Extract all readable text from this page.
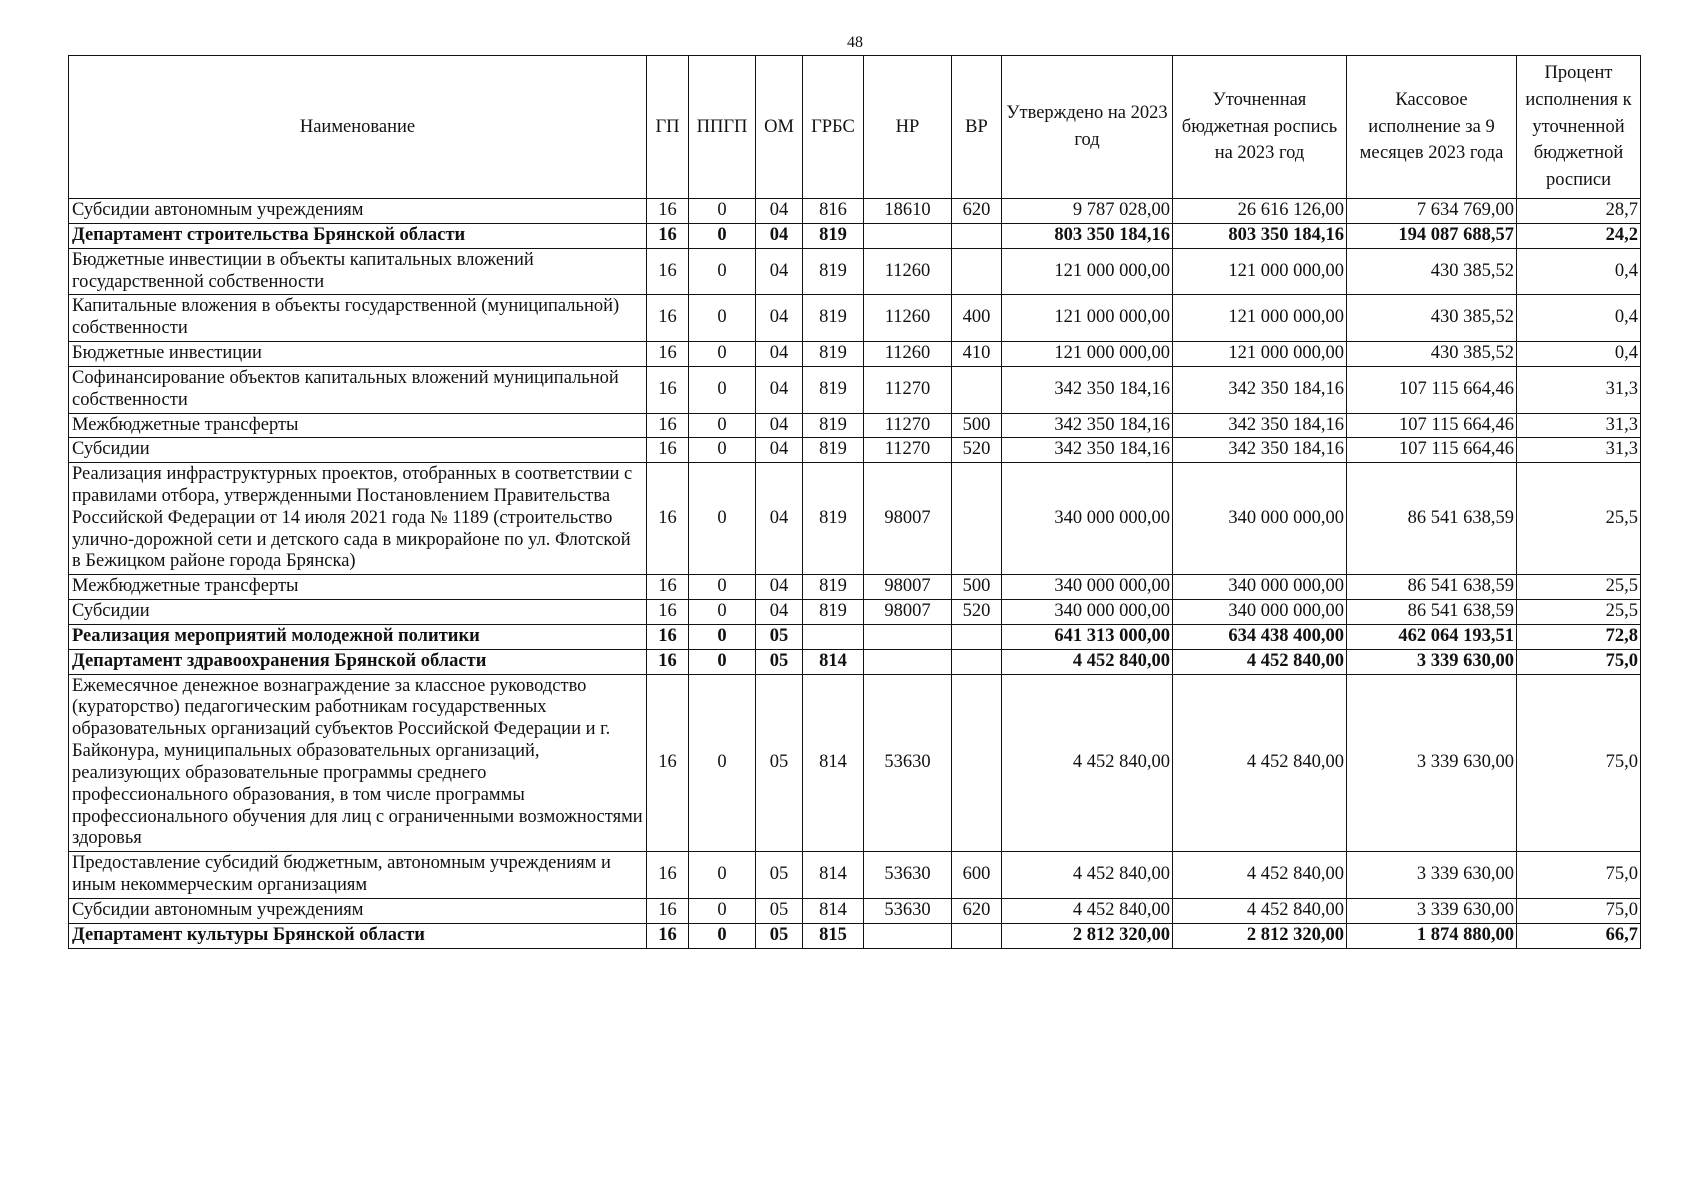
48
Наименование	ГП	ППГП	ОМ	ГРБС	НР	ВР	Утверждено на 2023 год	Уточненная бюджетная роспись на 2023 год	Кассовое исполнение за 9 месяцев 2023 года	Процент исполнения к уточненной бюджетной росписи
Субсидии автономным учреждениям	16	0	04	816	18610	620	9 787 028,00	26 616 126,00	7 634 769,00	28,7
Департамент строительства Брянской области	16	0	04	819			803 350 184,16	803 350 184,16	194 087 688,57	24,2
Бюджетные инвестиции в объекты капитальных вложений государственной собственности	16	0	04	819	11260		121 000 000,00	121 000 000,00	430 385,52	0,4
Капитальные вложения в объекты государственной (муниципальной) собственности	16	0	04	819	11260	400	121 000 000,00	121 000 000,00	430 385,52	0,4
Бюджетные инвестиции	16	0	04	819	11260	410	121 000 000,00	121 000 000,00	430 385,52	0,4
Софинансирование объектов капитальных вложений муниципальной собственности	16	0	04	819	11270		342 350 184,16	342 350 184,16	107 115 664,46	31,3
Межбюджетные трансферты	16	0	04	819	11270	500	342 350 184,16	342 350 184,16	107 115 664,46	31,3
Субсидии	16	0	04	819	11270	520	342 350 184,16	342 350 184,16	107 115 664,46	31,3
Реализация инфраструктурных проектов, отобранных в соответствии с правилами отбора, утвержденными Постановлением Правительства Российской Федерации от 14 июля 2021 года № 1189 (строительство улично-дорожной сети и детского сада в микрорайоне по ул. Флотской в Бежицком районе города Брянска)	16	0	04	819	98007		340 000 000,00	340 000 000,00	86 541 638,59	25,5
Межбюджетные трансферты	16	0	04	819	98007	500	340 000 000,00	340 000 000,00	86 541 638,59	25,5
Субсидии	16	0	04	819	98007	520	340 000 000,00	340 000 000,00	86 541 638,59	25,5
Реализация мероприятий молодежной политики	16	0	05				641 313 000,00	634 438 400,00	462 064 193,51	72,8
Департамент здравоохранения Брянской области	16	0	05	814			4 452 840,00	4 452 840,00	3 339 630,00	75,0
Ежемесячное денежное вознаграждение за классное руководство (кураторство) педагогическим работникам государственных образовательных организаций субъектов Российской Федерации и г. Байконура, муниципальных образовательных организаций, реализующих образовательные программы среднего профессионального образования, в том числе программы профессионального обучения для лиц с ограниченными возможностями здоровья	16	0	05	814	53630		4 452 840,00	4 452 840,00	3 339 630,00	75,0
Предоставление субсидий бюджетным, автономным учреждениям и иным некоммерческим организациям	16	0	05	814	53630	600	4 452 840,00	4 452 840,00	3 339 630,00	75,0
Субсидии автономным учреждениям	16	0	05	814	53630	620	4 452 840,00	4 452 840,00	3 339 630,00	75,0
Департамент культуры Брянской области	16	0	05	815			2 812 320,00	2 812 320,00	1 874 880,00	66,7
